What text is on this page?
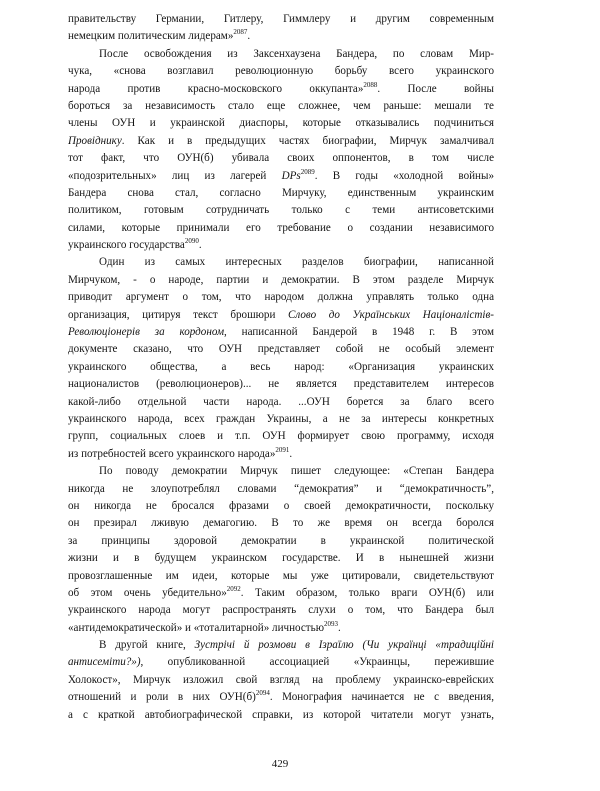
правительству Германии, Гитлеру, Гиммлеру и другим современным
немецким политическим лидерам»$^{2087}$.
После освобождения из Заксенхаузена Бандера, по словам Мир-
чука, «снова возглавил революционную борьбу всего украинского
народа против красно-московского оккупанта»$^{2088}$. После войны
бороться за независимость стало еще сложнее, чем раньше: мешали те
члены ОУН и украинской диаспоры, которые отказывались подчиниться
Провіднику. Как и в предыдущих частях биографии, Мирчук замалчивал
тот факт, что ОУН(б) убивала своих оппонентов, в том числе
«подозрительных» лиц из лагерей DPs$^{2089}$. В годы «холодной войны»
Бандера снова стал, согласно Мирчуку, единственным украинским
политиком, готовым сотрудничать только с теми антисоветскими
силами, которые принимали его требование о создании независимого
украинского государства$^{2090}$.
Один из самых интересных разделов биографии, написанной
Мирчуком, - о народе, партии и демократии. В этом разделе Мирчук
приводит аргумент о том, что народом должна управлять только одна
организация, цитируя текст брошюри Слово до Українських Націоналістів-
Революціонерів за кордоном, написанной Бандерой в 1948 г. В этом
документе сказано, что ОУН представляет собой не особый элемент
украинского общества, а весь народ: «Организация украинских
националистов (революционеров)... не является представителем интересов
какой-либо отдельной части народа. ...ОУН борется за благо всего
украинского народа, всех граждан Украины, а не за интересы конкретных
групп, социальных слоев и т.п. ОУН формирует свою программу, исходя
из потребностей всего украинского народа»$^{2091}$.
По поводу демократии Мирчук пишет следующее: «Степан Бандера
никогда не злоупотреблял словами “демократия” и “демократичность”,
он никогда не бросался фразами о своей демократичности, поскольку
он презирал лживую демагогию. В то же время он всегда боролся
за принципы здоровой демократии в украинской политической
жизни и в будущем украинском государстве. И в нынешней жизни
провозглашенные им идеи, которые мы уже цитировали, свидетельствуют
об этом очень убедительно»$^{2092}$. Таким образом, только враги ОУН(б) или
украинского народа могут распространять слухи о том, что Бандера был
«антидемократической» и «тоталитарной» личностью$^{2093}$.
В другой книге, Зустрічі й розмови в Ізраїлю (Чи українці «традиційні
антисеміти?»), опубликованной ассоциацией «Украинцы, пережившие
Холокост», Мирчук изложил свой взгляд на проблему украинско-еврейских
отношений и роли в них ОУН(б)$^{2094}$. Монография начинается не с введения,
а с краткой автобиографической справки, из которой читатели могут узнать,
429
